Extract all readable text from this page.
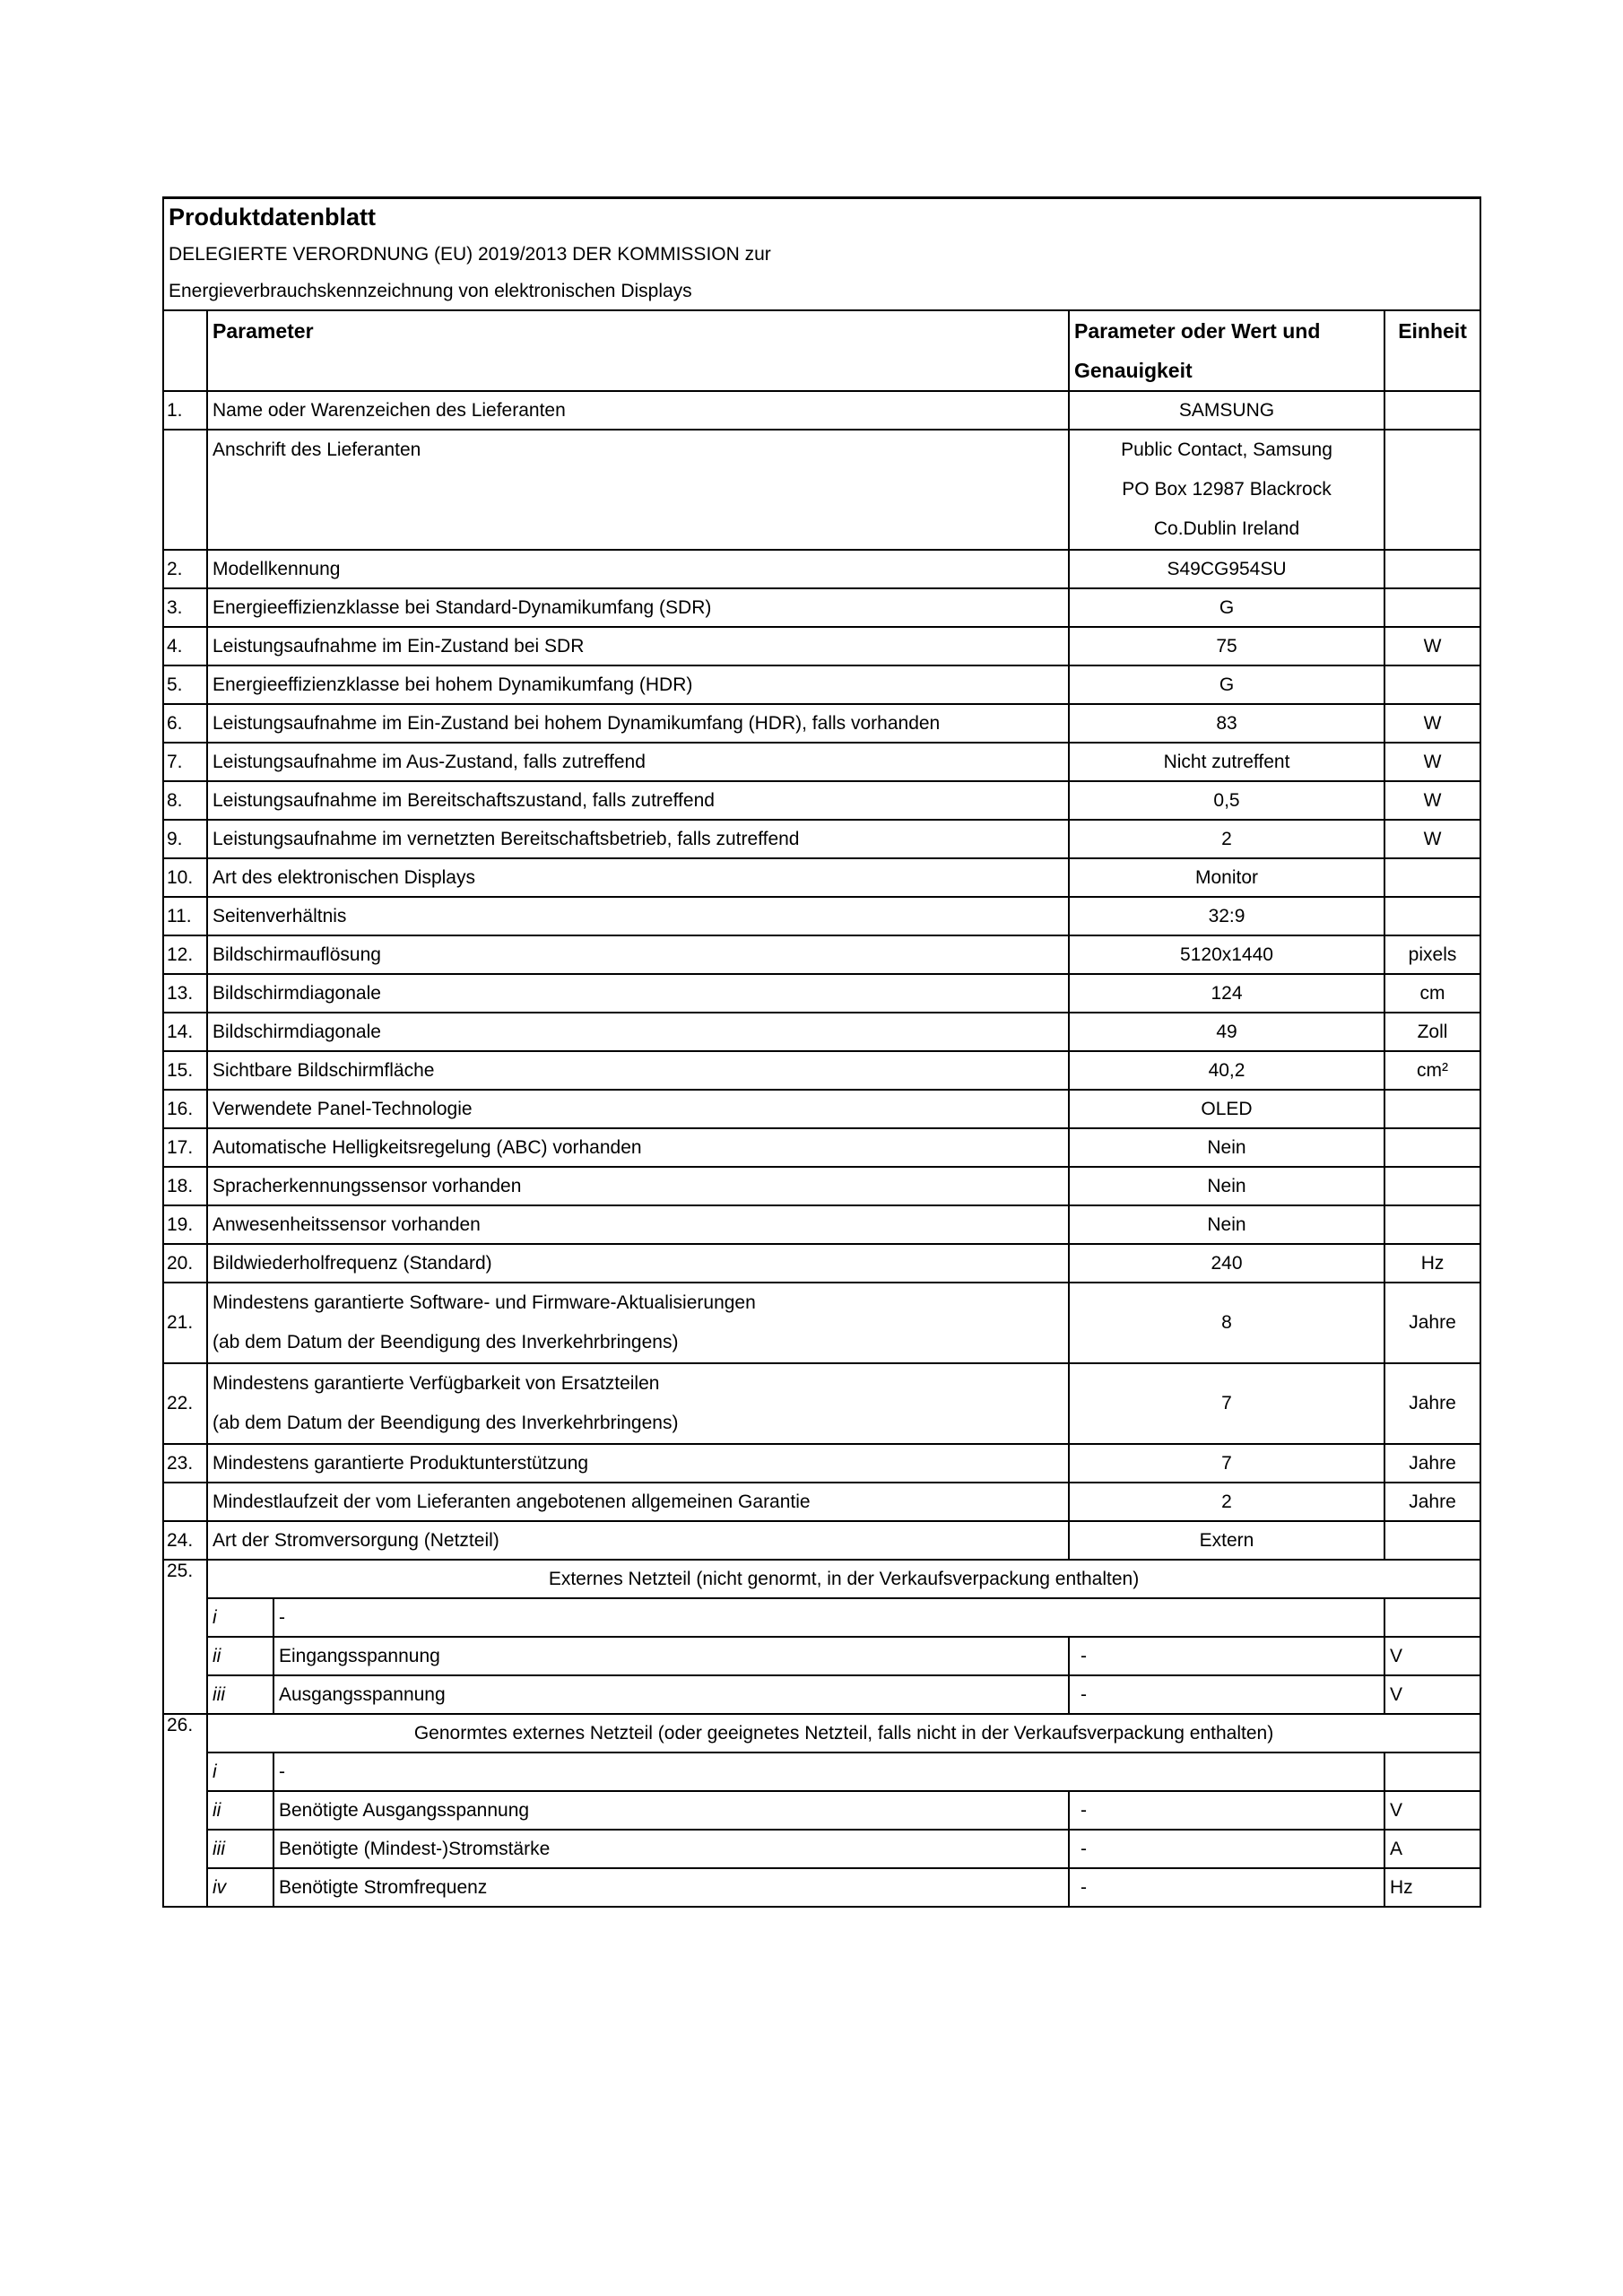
Produktdatenblatt				
DELEGIERTE VERORDNUNG (EU) 2019/2013 DER KOMMISSION zur				
Energieverbrauchskennzeichnung von elektronischen Displays				
	Parameter		Parameter oder Wert und
Genauigkeit	Einheit
1.	Name oder Warenzeichen des Lieferanten		SAMSUNG	
	Anschrift des Lieferanten		Public Contact, Samsung
PO Box 12987 Blackrock
Co.Dublin Ireland	

2.	Modellkennung		S49CG954SU	
3.	Energieeffizienzklasse bei Standard-Dynamikumfang (SDR)		G	
4.	Leistungsaufnahme im Ein-Zustand bei SDR		75	W
5.	Energieeffizienzklasse bei hohem Dynamikumfang (HDR)		G	
6.	Leistungsaufnahme im Ein-Zustand bei hohem Dynamikumfang (HDR), falls vorhanden		83	W
7.	Leistungsaufnahme im Aus-Zustand, falls zutreffend		Nicht zutreffent	W
8.	Leistungsaufnahme im Bereitschaftszustand, falls zutreffend		0,5	W
9.	Leistungsaufnahme im vernetzten Bereitschaftsbetrieb, falls zutreffend		2	W
10.	Art des elektronischen Displays		Monitor	
11.	Seitenverhältnis		32:9	
12.	Bildschirmauflösung		5120x1440	pixels
13.	Bildschirmdiagonale		124	cm
14.	Bildschirmdiagonale		49	Zoll
15.	Sichtbare Bildschirmfläche		40,2	cm²
16.	Verwendete Panel-Technologie		OLED	
17.	Automatische Helligkeitsregelung (ABC) vorhanden		Nein	
18.	Spracherkennungssensor vorhanden		Nein	
19.	Anwesenheitssensor vorhanden		Nein	
20.	Bildwiederholfrequenz (Standard)		240	Hz
21.	Mindestens garantierte Software- und Firmware-Aktualisierungen
(ab dem Datum der Beendigung des Inverkehrbringens)		8	Jahre
22.	Mindestens garantierte Verfügbarkeit von Ersatzteilen
(ab dem Datum der Beendigung des Inverkehrbringens)		7	Jahre
23.	Mindestens garantierte Produktunterstützung		7	Jahre
	Mindestlaufzeit der vom Lieferanten angebotenen allgemeinen Garantie		2	Jahre
24.	Art der Stromversorgung (Netzteil)		Extern	
25.	Externes Netzteil (nicht genormt, in der Verkaufsverpackung enthalten)			
	i	-		
	ii	Eingangsspannung	-	V
	iii	Ausgangsspannung	-	V
26.	Genormtes externes Netzteil (oder geeignetes Netzteil, falls nicht in der Verkaufsverpackung enthalten)			
	i	-		
	ii	Benötigte Ausgangsspannung	-	V
	iii	Benötigte (Mindest-)Stromstärke	-	A
	iv	Benötigte Stromfrequenz	-	Hz
